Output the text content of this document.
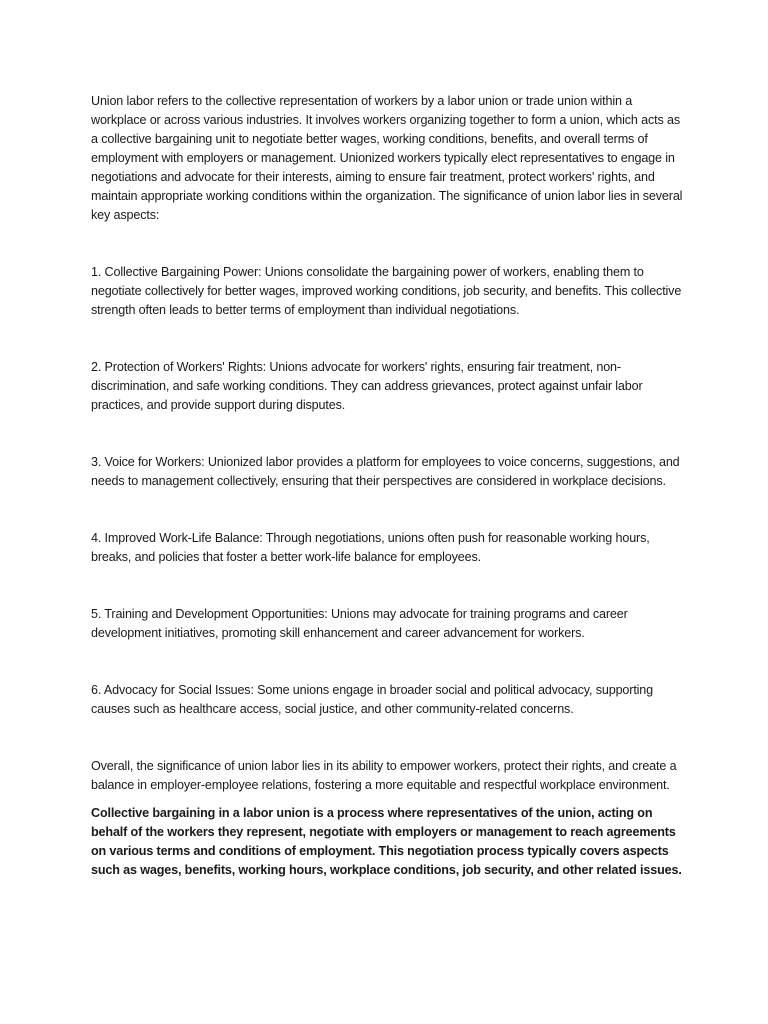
Union labor refers to the collective representation of workers by a labor union or trade union within a workplace or across various industries. It involves workers organizing together to form a union, which acts as a collective bargaining unit to negotiate better wages, working conditions, benefits, and overall terms of employment with employers or management. Unionized workers typically elect representatives to engage in negotiations and advocate for their interests, aiming to ensure fair treatment, protect workers' rights, and maintain appropriate working conditions within the organization. The significance of union labor lies in several key aspects:

1. Collective Bargaining Power: Unions consolidate the bargaining power of workers, enabling them to negotiate collectively for better wages, improved working conditions, job security, and benefits. This collective strength often leads to better terms of employment than individual negotiations.

2. Protection of Workers' Rights: Unions advocate for workers' rights, ensuring fair treatment, non-discrimination, and safe working conditions. They can address grievances, protect against unfair labor practices, and provide support during disputes.

3. Voice for Workers: Unionized labor provides a platform for employees to voice concerns, suggestions, and needs to management collectively, ensuring that their perspectives are considered in workplace decisions.

4. Improved Work-Life Balance: Through negotiations, unions often push for reasonable working hours, breaks, and policies that foster a better work-life balance for employees.

5. Training and Development Opportunities: Unions may advocate for training programs and career development initiatives, promoting skill enhancement and career advancement for workers.

6. Advocacy for Social Issues: Some unions engage in broader social and political advocacy, supporting causes such as healthcare access, social justice, and other community-related concerns.

Overall, the significance of union labor lies in its ability to empower workers, protect their rights, and create a balance in employer-employee relations, fostering a more equitable and respectful workplace environment.

Collective bargaining in a labor union is a process where representatives of the union, acting on behalf of the workers they represent, negotiate with employers or management to reach agreements on various terms and conditions of employment. This negotiation process typically covers aspects such as wages, benefits, working hours, workplace conditions, job security, and other related issues.
